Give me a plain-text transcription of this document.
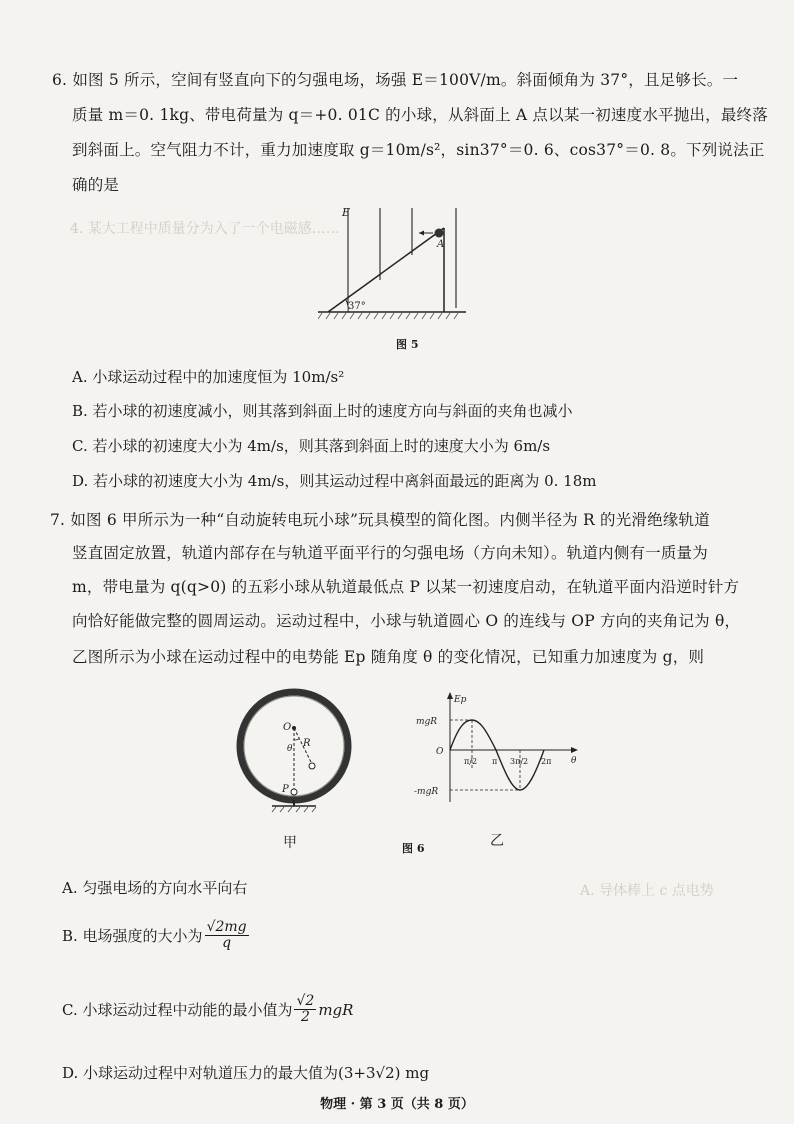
4. 某大工程中质量分为入了一个电磁感……
A. 导体棒上 c 点电势
6. 如图 5 所示，空间有竖直向下的匀强电场，场强 E＝100V/m。斜面倾角为 37°，且足够长。一
质量 m＝0. 1kg、带电荷量为 q＝+0. 01C 的小球，从斜面上 A 点以某一初速度水平抛出，最终落
到斜面上。空气阻力不计，重力加速度取 g＝10m/s²，sin37°＝0. 6、cos37°＝0. 8。下列说法正
确的是
37°
E
A
图 5
A. 小球运动过程中的加速度恒为 10m/s²
B. 若小球的初速度减小，则其落到斜面上时的速度方向与斜面的夹角也减小
C. 若小球的初速度大小为 4m/s，则其落到斜面上时的速度大小为 6m/s
D. 若小球的初速度大小为 4m/s，则其运动过程中离斜面最远的距离为 0. 18m
7. 如图 6 甲所示为一种“自动旋转电玩小球”玩具模型的简化图。内侧半径为 R 的光滑绝缘轨道
竖直固定放置，轨道内部存在与轨道平面平行的匀强电场（方向未知）。轨道内侧有一质量为
m，带电量为 q(q>0) 的五彩小球从轨道最低点 P 以某一初速度启动，在轨道平面内沿逆时针方
向恰好能做完整的圆周运动。运动过程中，小球与轨道圆心 O 的连线与 OP 方向的夹角记为 θ，
乙图所示为小球在运动过程中的电势能 Ep 随角度 θ 的变化情况，已知重力加速度为 g，则
O
θ R
P
甲
Ep
θ
mgR
O
-mgR
π/2 π 3π/2 2π
乙
图 6
A. 匀强电场的方向水平向右
B. 电场强度的大小为 $\frac{√2mg}{q}$
C. 小球运动过程中动能的最小值为 $\frac{√2}{2}$ mgR
D. 小球运动过程中对轨道压力的最大值为(3+3√2) mg
物理 · 第 3 页（共 8 页）
